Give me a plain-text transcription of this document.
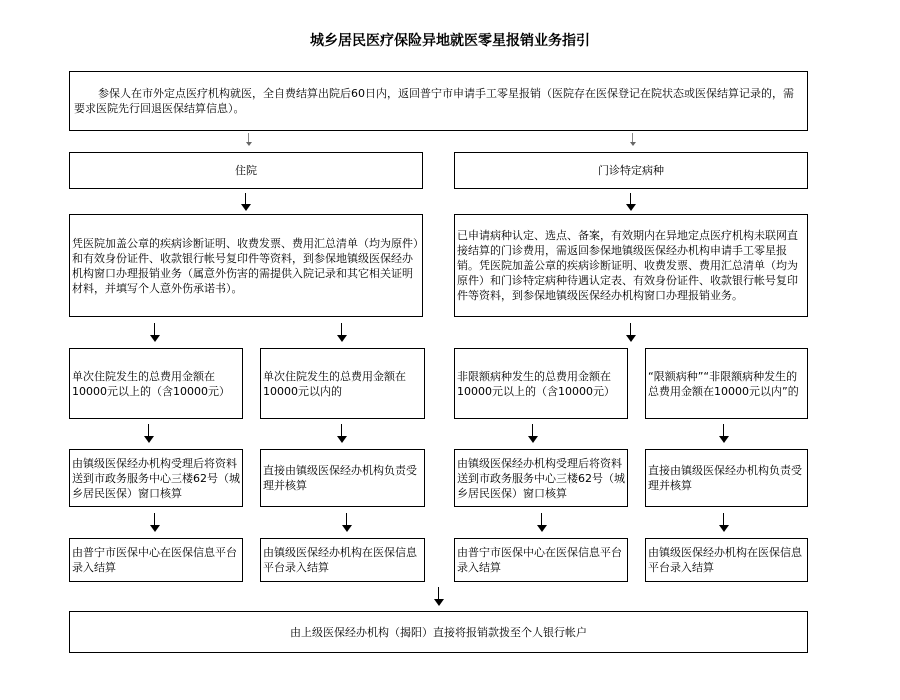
城乡居民医疗保险异地就医零星报销业务指引
参保人在市外定点医疗机构就医，全自费结算出院后60日内，返回普宁市申请手工零星报销（医院存在医保登记在院状态或医保结算记录的，需要求医院先行回退医保结算信息）。
住院	门诊特定病种
凭医院加盖公章的疾病诊断证明、收费发票、费用汇总清单（均为原件）和有效身份证件、收款银行帐号复印件等资料，到参保地镇级医保经办机构窗口办理报销业务（属意外伤害的需提供入院记录和其它相关证明材料，并填写个人意外伤承诺书）。
已申请病种认定、选点、备案，有效期内在异地定点医疗机构未联网直接结算的门诊费用，需返回参保地镇级医保经办机构申请手工零星报销。凭医院加盖公章的疾病诊断证明、收费发票、费用汇总清单（均为原件）和门诊特定病种待遇认定表、有效身份证件、收款银行帐号复印件等资料，到参保地镇级医保经办机构窗口办理报销业务。
单次住院发生的总费用金额在10000元以上的（含10000元）
单次住院发生的总费用金额在10000元以内的
非限额病种发生的总费用金额在10000元以上的（含10000元）
“限额病种”“非限额病种发生的总费用金额在10000元以内”的
由镇级医保经办机构受理后将资料送到市政务服务中心三楼62号（城乡居民医保）窗口核算
直接由镇级医保经办机构负责受理并核算
由镇级医保经办机构受理后将资料送到市政务服务中心三楼62号（城乡居民医保）窗口核算
直接由镇级医保经办机构负责受理并核算
由普宁市医保中心在医保信息平台录入结算
由镇级医保经办机构在医保信息平台录入结算
由普宁市医保中心在医保信息平台录入结算
由镇级医保经办机构在医保信息平台录入结算
由上级医保经办机构（揭阳）直接将报销款拨至个人银行帐户
